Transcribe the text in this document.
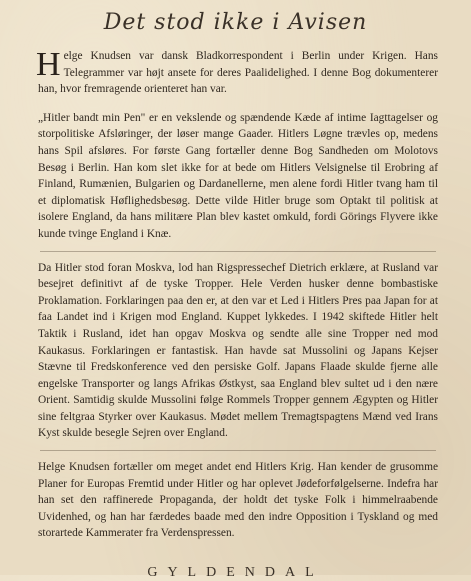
Det stod ikke i Avisen

Helge Knudsen var dansk Bladkorrespondent i Berlin under Krigen. Hans Telegrammer var højt ansete for deres Paalidelighed. I denne Bog dokumenterer han, hvor fremragende orienteret han var.

„Hitler bandt min Pen" er en vekslende og spændende Kæde af intime Iagttagelser og storpolitiske Afsløringer, der løser mange Gaader. Hitlers Løgne trævles op, medens hans Spil afsløres. For første Gang fortæller denne Bog Sandheden om Molotovs Besøg i Berlin. Han kom slet ikke for at bede om Hitlers Velsignelse til Erobring af Finland, Rumænien, Bulgarien og Dardanellerne, men alene fordi Hitler tvang ham til et diplomatisk Høflighedsbesøg. Dette vilde Hitler bruge som Optakt til politisk at isolere England, da hans militære Plan blev kastet omkuld, fordi Görings Flyvere ikke kunde tvinge England i Knæ.

Da Hitler stod foran Moskva, lod han Rigspressechef Dietrich erklære, at Rusland var besejret definitivt af de tyske Tropper. Hele Verden husker denne bombastiske Proklamation. Forklaringen paa den er, at den var et Led i Hitlers Pres paa Japan for at faa Landet ind i Krigen mod England. Kuppet lykkedes. I 1942 skiftede Hitler helt Taktik i Rusland, idet han opgav Moskva og sendte alle sine Tropper ned mod Kaukasus. Forklaringen er fantastisk. Han havde sat Mussolini og Japans Kejser Stævne til Fredskonference ved den persiske Golf. Japans Flaade skulde fjerne alle engelske Transporter og langs Afrikas Østkyst, saa England blev sultet ud i den nære Orient. Samtidig skulde Mussolini følge Rommels Tropper gennem Ægypten og Hitler sine feltgraa Styrker over Kaukasus. Mødet mellem Tremagtspagtens Mænd ved Irans Kyst skulde besegle Sejren over England.

Helge Knudsen fortæller om meget andet end Hitlers Krig. Han kender de grusomme Planer for Europas Fremtid under Hitler og har oplevet Jødeforfølgelserne. Indefra har han set den raffinerede Propaganda, der holdt det tyske Folk i himmelraabende Uvidenhed, og han har færdedes baade med den indre Opposition i Tyskland og med storartede Kammerater fra Verdenspressen.

GYLDENDAL
